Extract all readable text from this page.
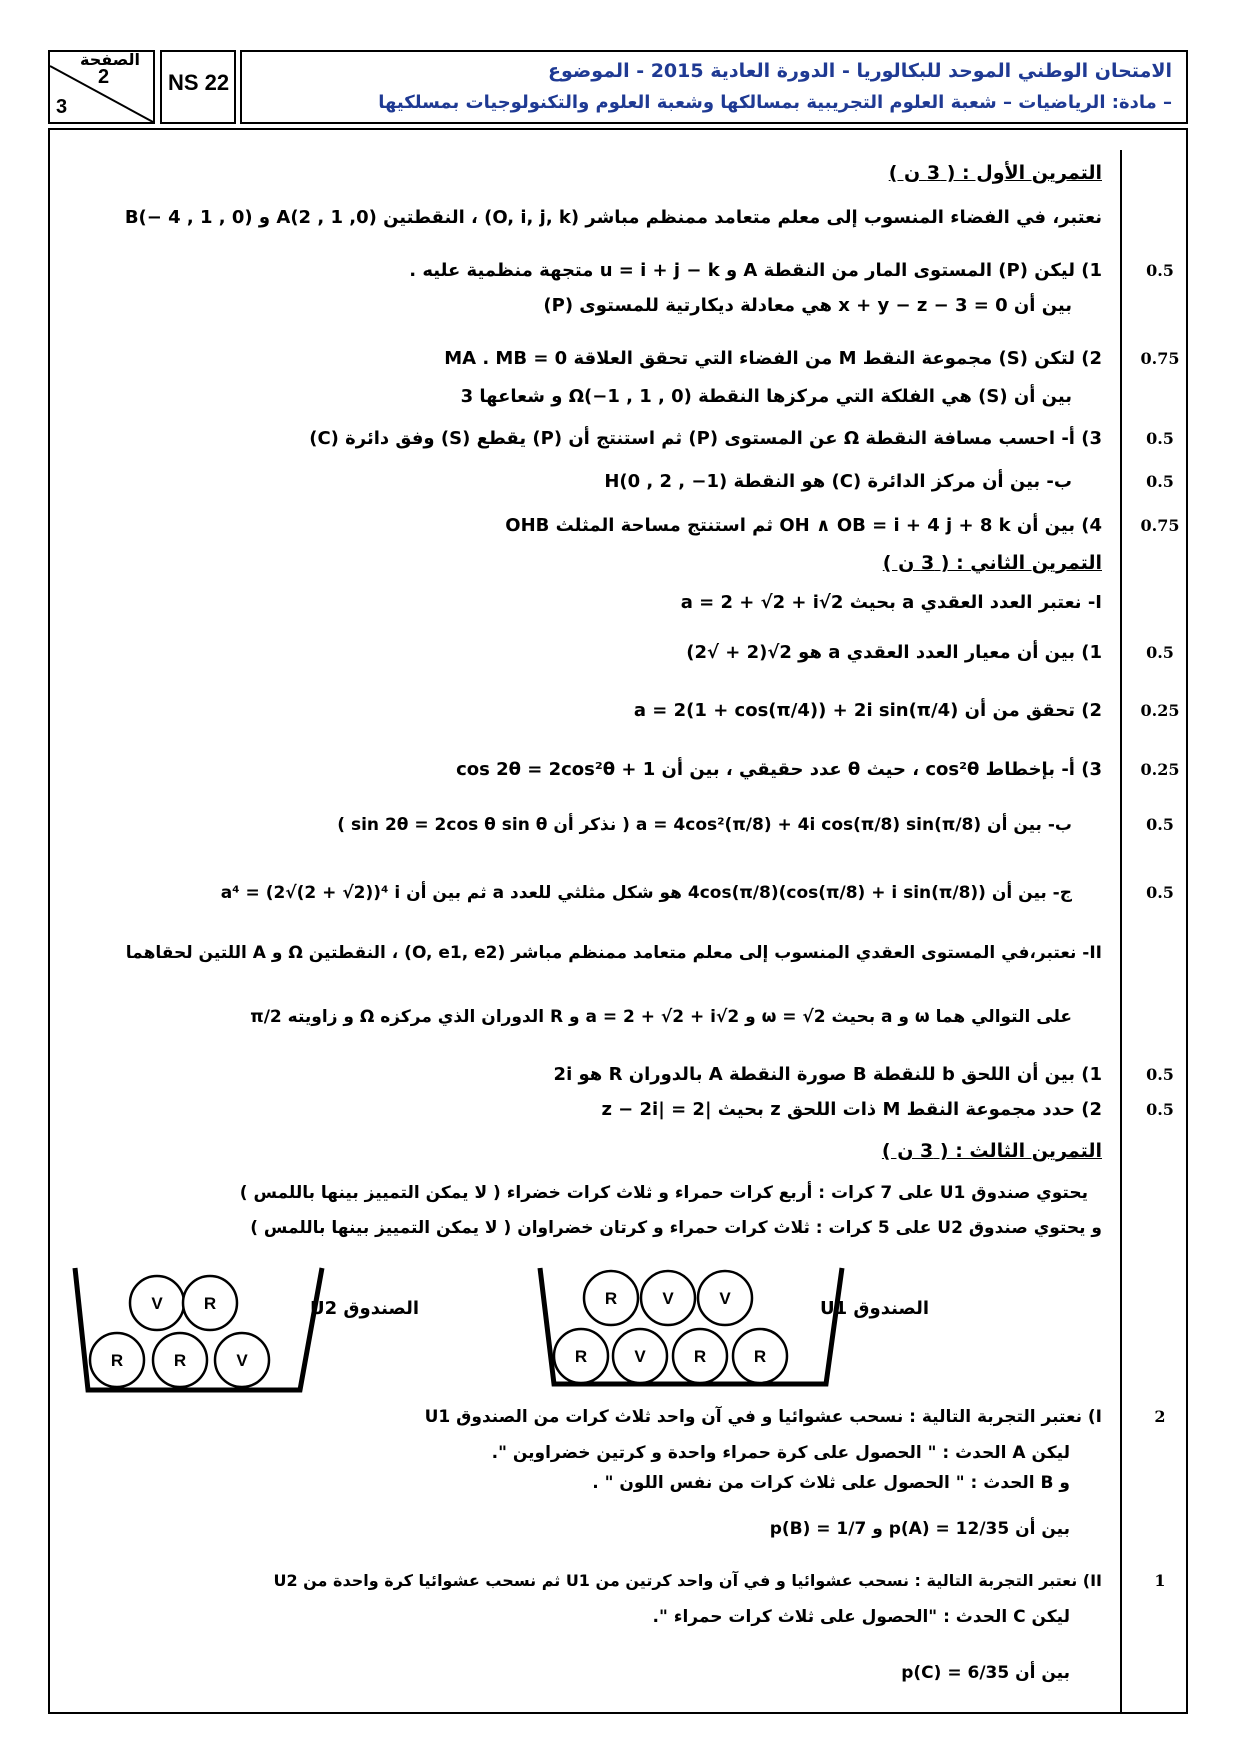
الصفحة
2
3
NS 22	الامتحان الوطني الموحد للبكالوريا - الدورة العادية 2015 - الموضوع
– مادة: الرياضيات – شعبة العلوم التجريبية بمسالكها وشعبة العلوم والتكنولوجيات بمسلكيها
التمرين الأول : ( 3 ن )
نعتبر، في الفضاء المنسوب إلى معلم متعامد ممنظم مباشر (O, i, j, k) ، النقطتين A(2 , 1 ,0) و B(− 4 , 1 , 0)
0.5
1) ليكن (P) المستوى المار من النقطة A و u = i + j − k متجهة منظمية عليه .
بين أن x + y − z − 3 = 0 هي معادلة ديكارتية للمستوى (P)
0.75
2) لتكن (S) مجموعة النقط M من الفضاء التي تحقق العلاقة MA . MB = 0
بين أن (S) هي الفلكة التي مركزها النقطة Ω(−1 , 1 , 0) و شعاعها 3
0.5
3) أ- احسب مسافة النقطة Ω عن المستوى (P) ثم استنتج أن (P) يقطع (S) وفق دائرة (C)
0.5
ب- بين أن مركز الدائرة (C) هو النقطة H(0 , 2 , −1)
0.75
4) بين أن OH ∧ OB = i + 4 j + 8 k ثم استنتج مساحة المثلث OHB
التمرين الثاني : ( 3 ن )
I- نعتبر العدد العقدي a بحيث a = 2 + √2 + i√2
0.5
1) بين أن معيار العدد العقدي a هو 2√(2 + √2)
0.25
2) تحقق من أن a = 2(1 + cos(π/4)) + 2i sin(π/4)
0.25
3) أ- بإخطاط cos²θ ، حيث θ عدد حقيقي ، بين أن 1 + cos 2θ = 2cos²θ
0.5
ب- بين أن a = 4cos²(π/8) + 4i cos(π/8) sin(π/8) ( نذكر أن sin 2θ = 2cos θ sin θ )
0.5
ج- بين أن 4cos(π/8)(cos(π/8) + i sin(π/8)) هو شكل مثلثي للعدد a ثم بين أن a⁴ = (2√(2 + √2))⁴ i
II- نعتبر،في المستوى العقدي المنسوب إلى معلم متعامد ممنظم مباشر (O, e1, e2) ، النقطتين Ω و A اللتين لحقاهما
على التوالي هما ω و a بحيث ω = √2 و a = 2 + √2 + i√2 و R الدوران الذي مركزه Ω و زاويته π/2
0.5
1) بين أن اللحق b للنقطة B صورة النقطة A بالدوران R هو 2i
0.5
2) حدد مجموعة النقط M ذات اللحق z بحيث |z − 2i| = 2
التمرين الثالث : ( 3 ن )
يحتوي صندوق U1 على 7 كرات : أربع كرات حمراء و ثلاث كرات خضراء ( لا يمكن التمييز بينها باللمس )
و يحتوي صندوق U2 على 5 كرات : ثلاث كرات حمراء و كرتان خضراوان ( لا يمكن التمييز بينها باللمس )
V R
R	R	V
R	V	V
R	V	R	R
الصندوق U2	الصندوق U1
2
I) نعتبر التجربة التالية : نسحب عشوائيا و في آن واحد ثلاث كرات من الصندوق U1
ليكن A الحدث : " الحصول على كرة حمراء واحدة و كرتين خضراوين ".
و B الحدث : " الحصول على ثلاث كرات من نفس اللون " .
بين أن p(A) = 12/35 و p(B) = 1/7
1
II) نعتبر التجربة التالية : نسحب عشوائيا و في آن واحد كرتين من U1 ثم نسحب عشوائيا كرة واحدة من U2
ليكن C الحدث : "الحصول على ثلاث كرات حمراء ".
بين أن p(C) = 6/35
